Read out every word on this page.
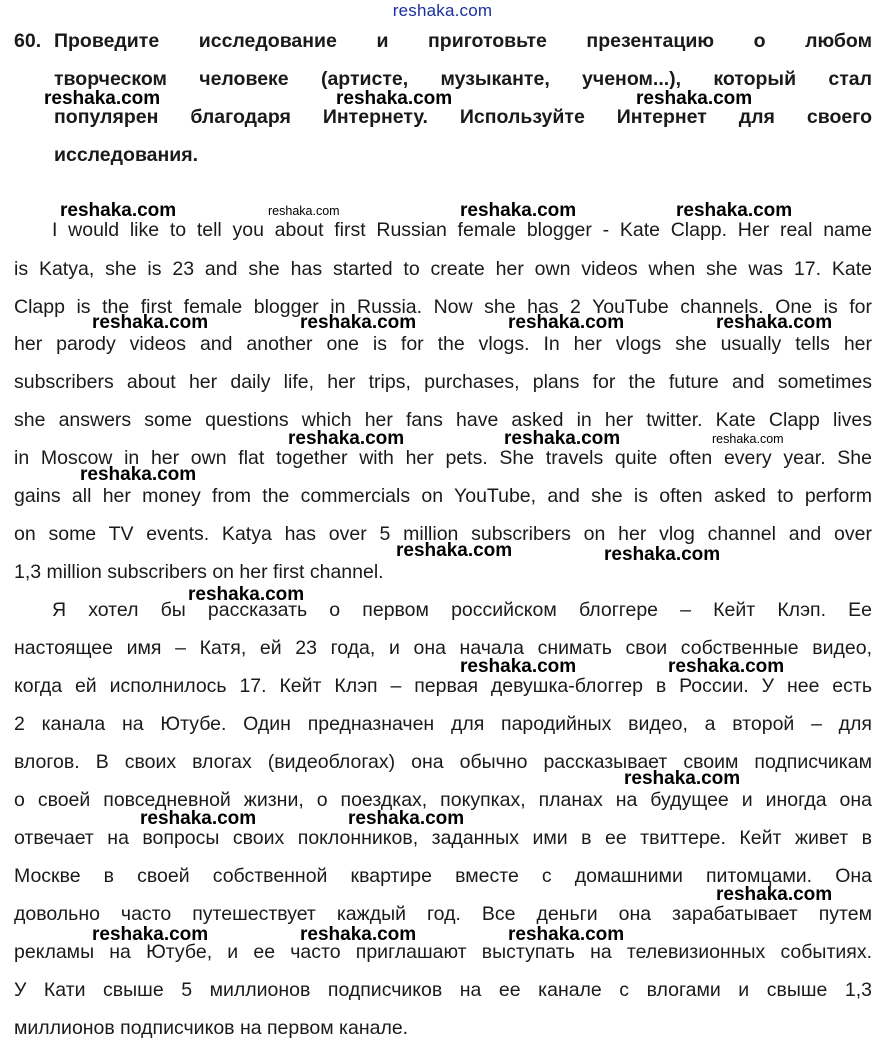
reshaka.com
60. Проведите исследование и приготовьте презентацию о любом
творческом человеке (артисте, музыканте, ученом...), который стал
популярен благодаря Интернету. Используйте Интернет для своего
исследования.
I would like to tell you about first Russian female blogger - Kate Clapp. Her real name
is Katya, she is 23 and she has started to create her own videos when she was 17. Kate
Clapp is the first female blogger in Russia. Now she has 2 YouTube channels. One is for
her parody videos and another one is for the vlogs. In her vlogs she usually tells her
subscribers about her daily life, her trips, purchases, plans for the future and sometimes
she answers some questions which her fans have asked in her twitter. Kate Clapp lives
in Moscow in her own flat together with her pets. She travels quite often every year. She
gains all her money from the commercials on YouTube, and she is often asked to perform
on some TV events. Katya has over 5 million subscribers on her vlog channel and over
1,3 million subscribers on her first channel.
Я хотел бы рассказать о первом российском блоггере – Кейт Клэп. Ее
настоящее имя – Катя, ей 23 года, и она начала снимать свои собственные видео,
когда ей исполнилось 17. Кейт Клэп – первая девушка-блоггер в России. У нее есть
2 канала на Ютубе. Один предназначен для пародийных видео, а второй – для
влогов. В своих влогах (видеоблогах) она обычно рассказывает своим подписчикам
о своей повседневной жизни, о поездках, покупках, планах на будущее и иногда она
отвечает на вопросы своих поклонников, заданных ими в ее твиттере. Кейт живет в
Москве в своей собственной квартире вместе с домашними питомцами. Она
довольно часто путешествует каждый год. Все деньги она зарабатывает путем
рекламы на Ютубе, и ее часто приглашают выступать на телевизионных событиях.
У Кати свыше 5 миллионов подписчиков на ее канале с влогами и свыше 1,3
миллионов подписчиков на первом канале.
reshaka.com	reshaka.com	reshaka.com
reshaka.com	reshaka.com	reshaka.com	reshaka.com
reshaka.com	reshaka.com	reshaka.com	reshaka.com
reshaka.com	reshaka.com	reshaka.com
reshaka.com
reshaka.com	reshaka.com
reshaka.com
reshaka.com	reshaka.com
reshaka.com
reshaka.com	reshaka.com
reshaka.com
reshaka.com	reshaka.com	reshaka.com
